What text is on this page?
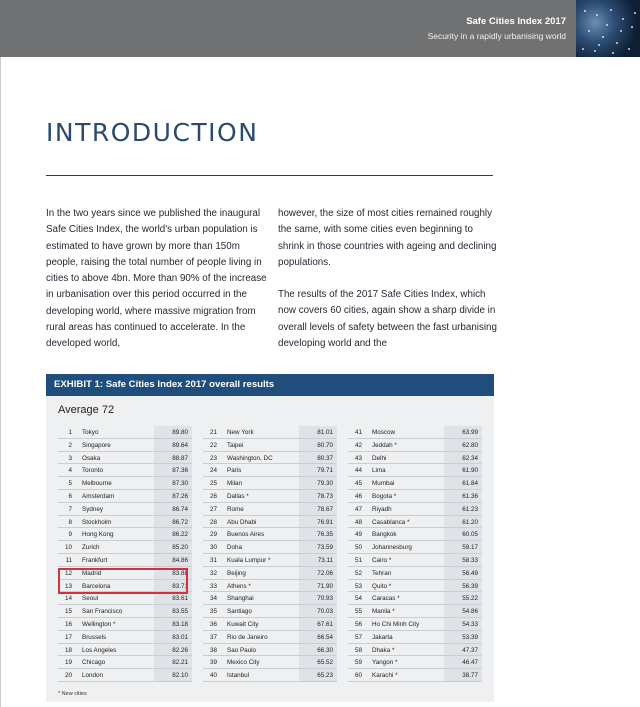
Safe Cities Index 2017
Security in a rapidly urbanising world
INTRODUCTION

In the two years since we published the inaugural Safe Cities Index, the world's urban population is estimated to have grown by more than 150m people, raising the total number of people living in cities to above 4bn. More than 90% of the increase in urbanisation over this period occurred in the developing world, where massive migration from rural areas has continued to accelerate. In the developed world,

however, the size of most cities remained roughly the same, with some cities even beginning to shrink in those countries with ageing and declining populations.

The results of the 2017 Safe Cities Index, which now covers 60 cities, again show a sharp divide in overall levels of safety between the fast urbanising developing world and the

EXHIBIT 1: Safe Cities Index 2017 overall results
Average 72
1 Tokyo	89.80
2 Singapore	89.64
3 Osaka	88.87
4 Toronto	87.36
5 Melbourne	87.30
6 Amsterdam	87.26
7 Sydney	86.74
8 Stockholm	86.72
9 Hong Kong	86.22
10 Zurich	85.20
11 Frankfurt	84.86
12 Madrid	83.88
13 Barcelona	83.71
14 Seoul	83.61
15 San Francisco	83.55
16 Wellington *	83.18
17 Brussels	83.01
18 Los Angeles	82.26
19 Chicago	82.21
20 London	82.10
21 New York	81.01
22 Taipei	80.70
23 Washington, DC	80.37
24 Paris	79.71
25 Milan	79.30
26 Dallas *	78.73
27 Rome	78.67
28 Abu Dhabi	76.91
29 Buenos Aires	76.35
30 Doha	73.59
31 Kuala Lumpur *	73.11
32 Beijing	72.06
33 Athens *	71.90
34 Shanghai	70.93
35 Santiago	70.03
36 Kuwait City	67.61
37 Rio de Janeiro	66.54
38 Sao Paulo	66.30
39 Mexico City	65.52
40 Istanbul	65.23
41 Moscow	63.99
42 Jeddah *	62.80
43 Delhi	62.34
44 Lima	61.90
45 Mumbai	61.84
46 Bogota *	61.36
47 Riyadh	61.23
48 Casablanca *	61.20
49 Bangkok	60.05
50 Johannesburg	59.17
51 Cairo *	58.33
52 Tehran	56.49
53 Quito *	56.39
54 Caracas *	55.22
55 Manila *	54.86
56 Ho Chi Minh City	54.33
57 Jakarta	53.39
58 Dhaka *	47.37
59 Yangon *	46.47
60 Karachi *	38.77
* New cities
